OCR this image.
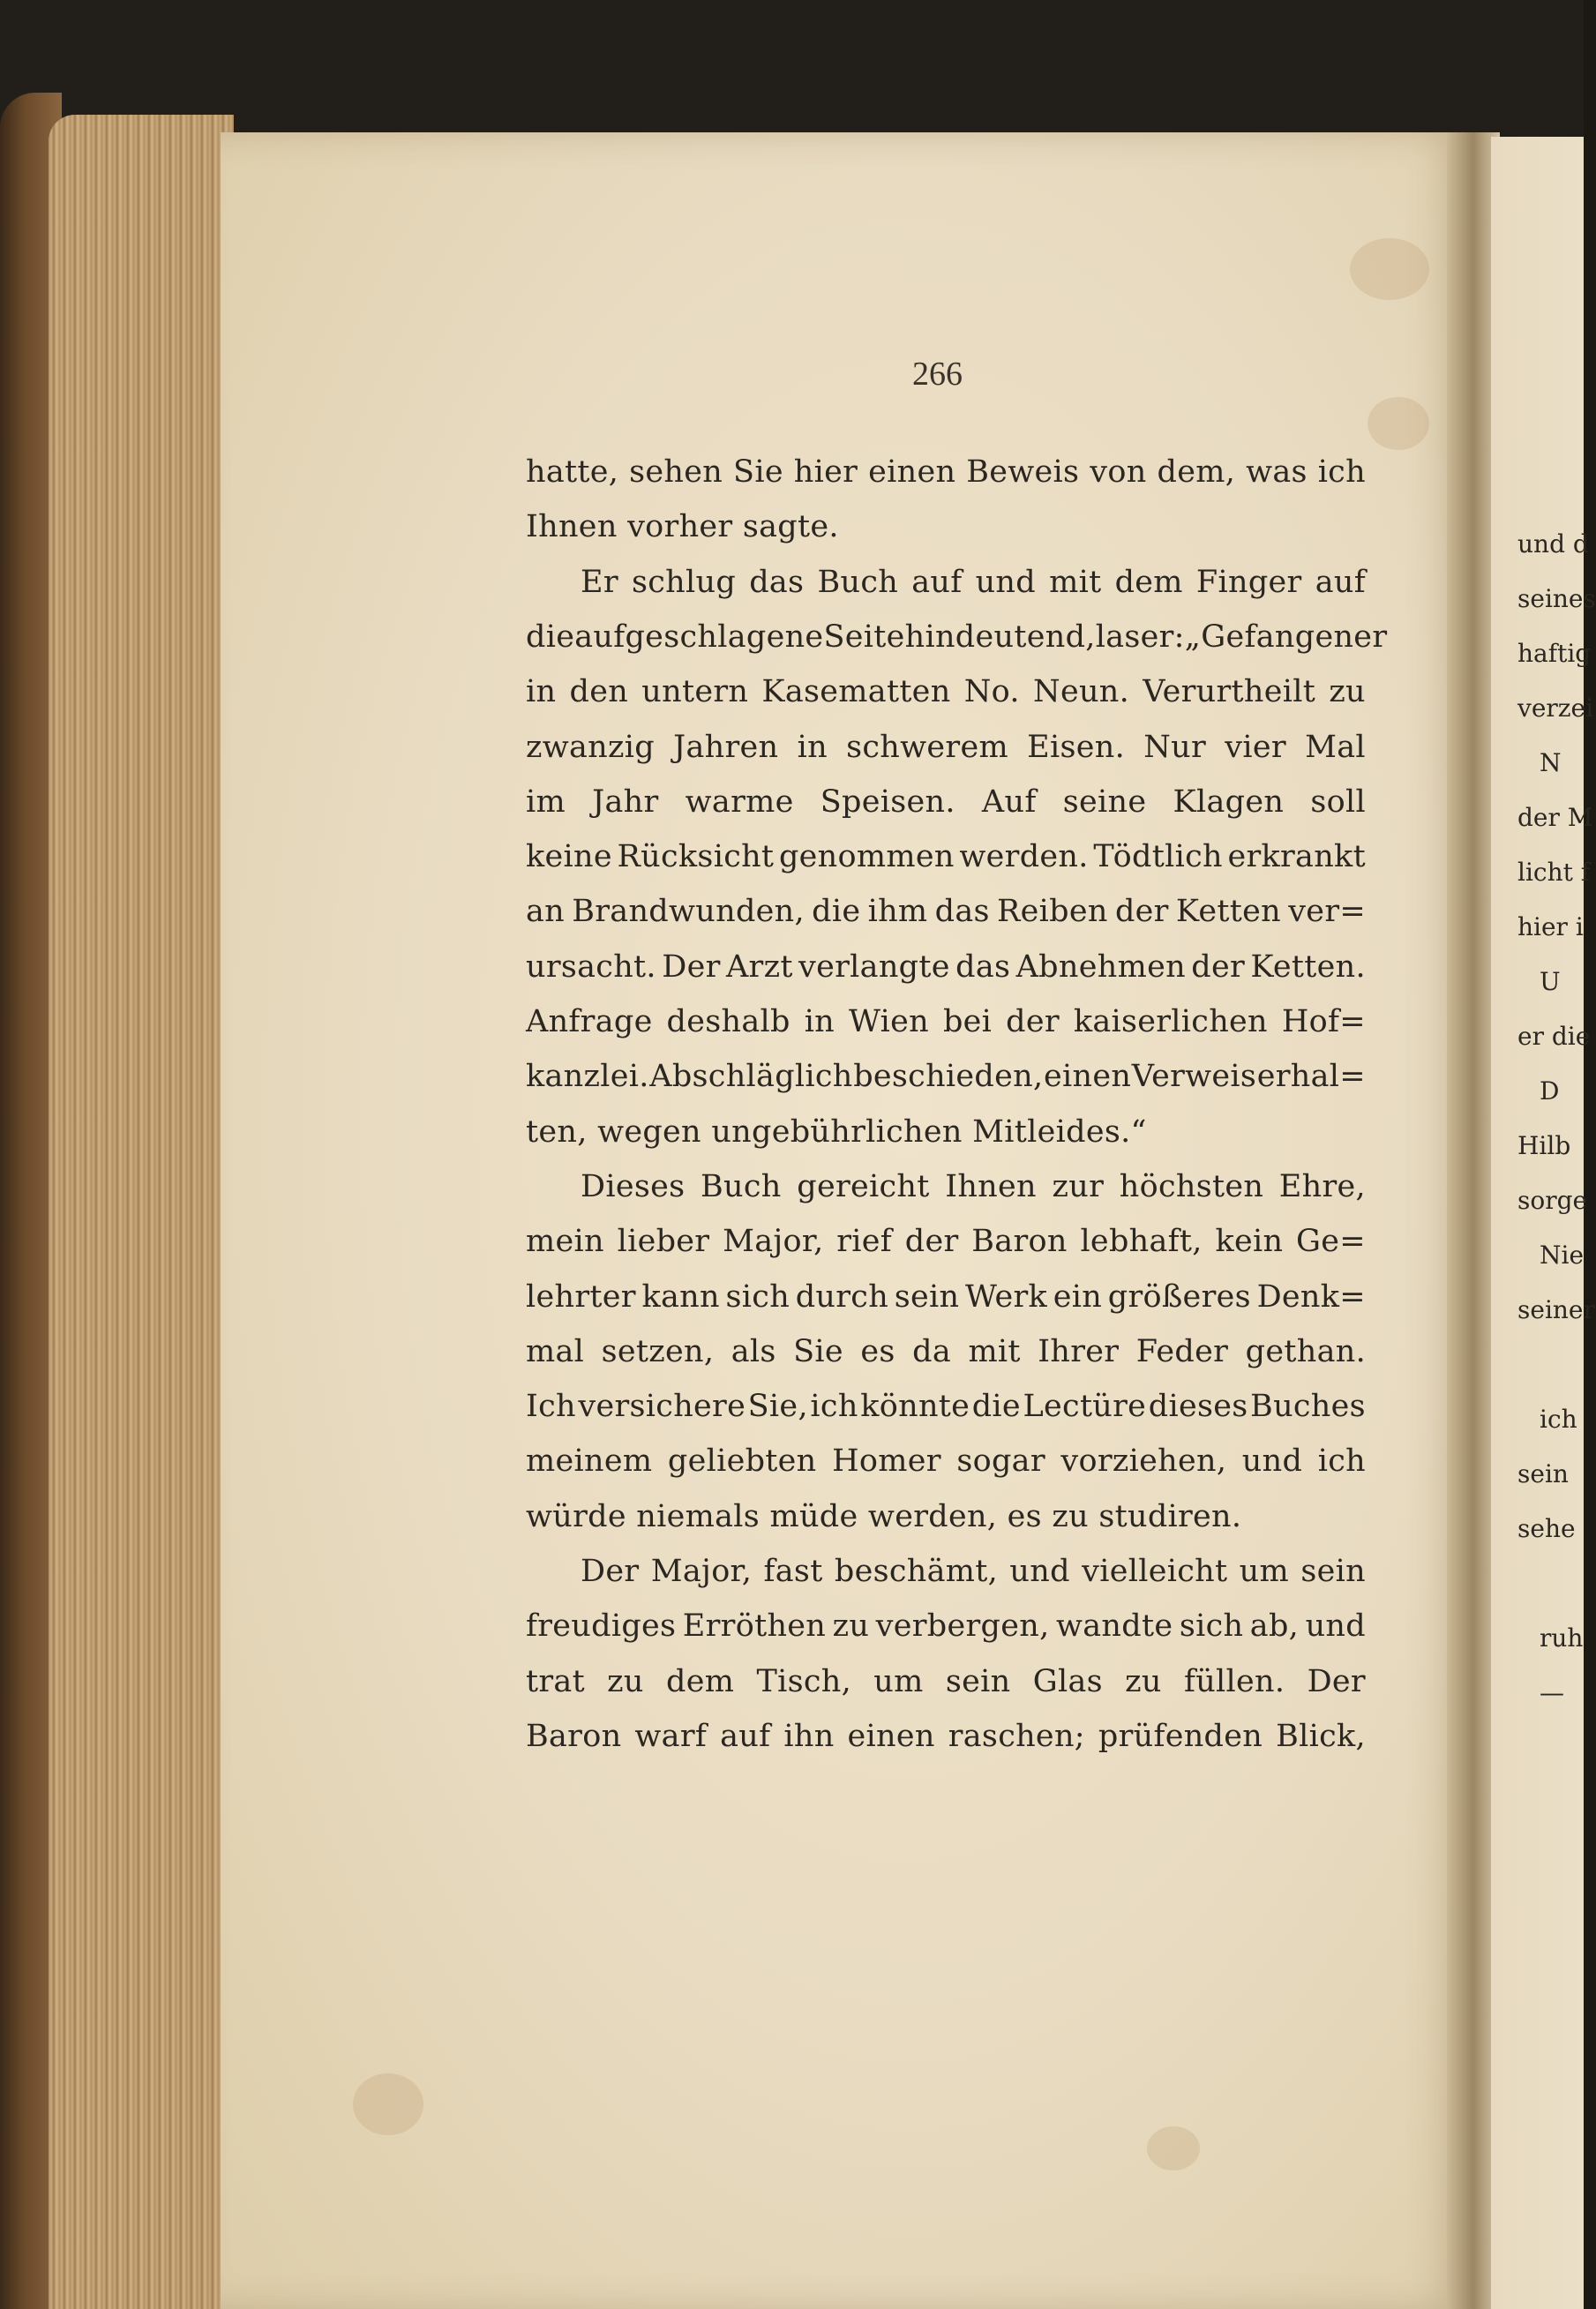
und d
seines
haftig
verzei
N
der M
licht f
hier i
U
er die
D
Hilb
sorge
Nie
seiner
ich
sein
sehe
ruh
—
266
hatte, sehen Sie hier einen Beweis von dem, was ich
Ihnen vorher sagte.
Er schlug das Buch auf und mit dem Finger auf
die aufgeschlagene Seite hindeutend, las er: „Gefangener
in den untern Kasematten No. Neun. Verurtheilt zu
zwanzig Jahren in schwerem Eisen. Nur vier Mal
im Jahr warme Speisen. Auf seine Klagen soll
keine Rücksicht genommen werden. Tödtlich erkrankt
an Brandwunden, die ihm das Reiben der Ketten ver=
ursacht. Der Arzt verlangte das Abnehmen der Ketten.
Anfrage deshalb in Wien bei der kaiserlichen Hof=
kanzlei. Abschläglich beschieden, einen Verweis erhal=
ten, wegen ungebührlichen Mitleides.“
Dieses Buch gereicht Ihnen zur höchsten Ehre,
mein lieber Major, rief der Baron lebhaft, kein Ge=
lehrter kann sich durch sein Werk ein größeres Denk=
mal setzen, als Sie es da mit Ihrer Feder gethan.
Ich versichere Sie, ich könnte die Lectüre dieses Buches
meinem geliebten Homer sogar vorziehen, und ich
würde niemals müde werden, es zu studiren.
Der Major, fast beschämt, und vielleicht um sein
freudiges Erröthen zu verbergen, wandte sich ab, und
trat zu dem Tisch, um sein Glas zu füllen. Der
Baron warf auf ihn einen raschen; prüfenden Blick,
